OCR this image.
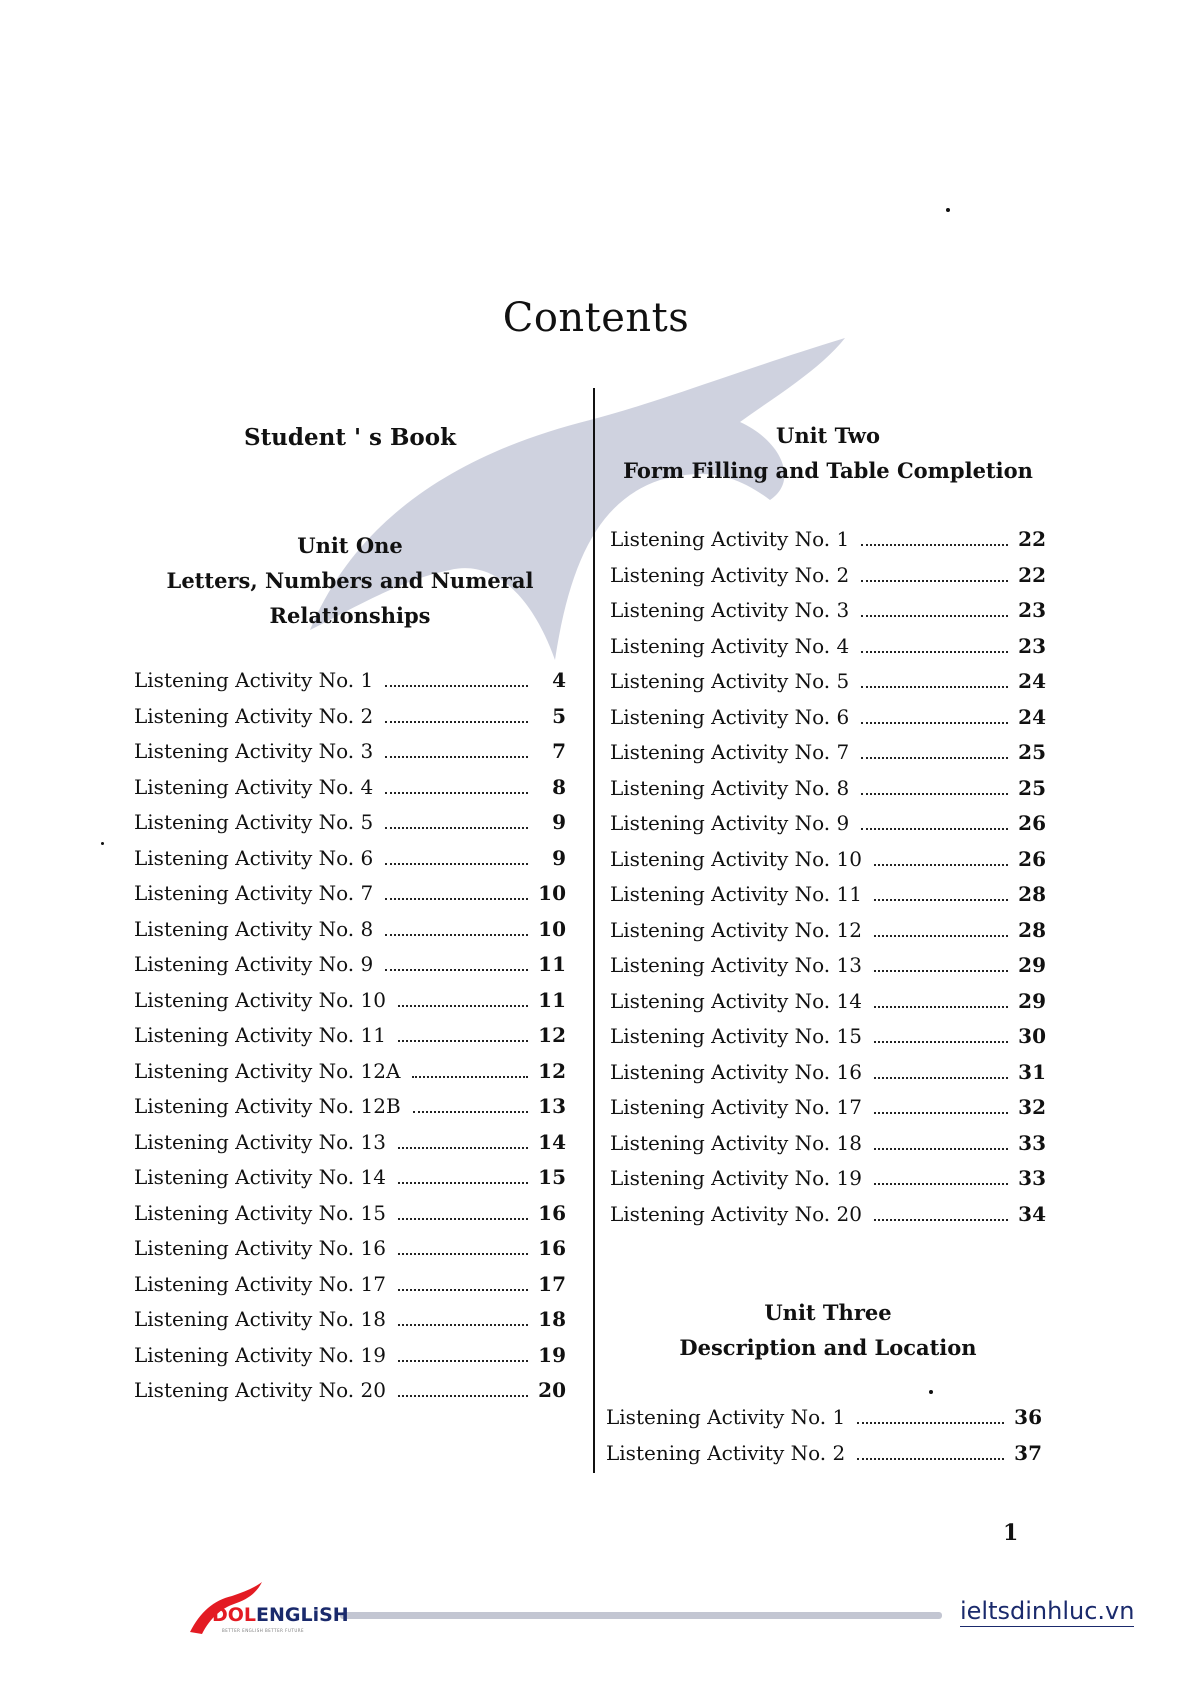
Contents
Student ' s Book
Unit One
Letters, Numbers and Numeral
Relationships
Listening Activity No. 1	4
Listening Activity No. 2	5
Listening Activity No. 3	7
Listening Activity No. 4	8
Listening Activity No. 5	9
Listening Activity No. 6	9
Listening Activity No. 7	10
Listening Activity No. 8	10
Listening Activity No. 9	11
Listening Activity No. 10	11
Listening Activity No. 11	12
Listening Activity No. 12A	12
Listening Activity No. 12B	13
Listening Activity No. 13	14
Listening Activity No. 14	15
Listening Activity No. 15	16
Listening Activity No. 16	16
Listening Activity No. 17	17
Listening Activity No. 18	18
Listening Activity No. 19	19
Listening Activity No. 20	20
Unit Two
Form Filling and Table Completion
Listening Activity No. 1	22
Listening Activity No. 2	22
Listening Activity No. 3	23
Listening Activity No. 4	23
Listening Activity No. 5	24
Listening Activity No. 6	24
Listening Activity No. 7	25
Listening Activity No. 8	25
Listening Activity No. 9	26
Listening Activity No. 10	26
Listening Activity No. 11	28
Listening Activity No. 12	28
Listening Activity No. 13	29
Listening Activity No. 14	29
Listening Activity No. 15	30
Listening Activity No. 16	31
Listening Activity No. 17	32
Listening Activity No. 18	33
Listening Activity No. 19	33
Listening Activity No. 20	34
Unit Three
Description and Location
Listening Activity No. 1	36
Listening Activity No. 2	37
1
DOLENGLiSH
BETTER ENGLISH BETTER FUTURE
ieltsdinhluc.vn
